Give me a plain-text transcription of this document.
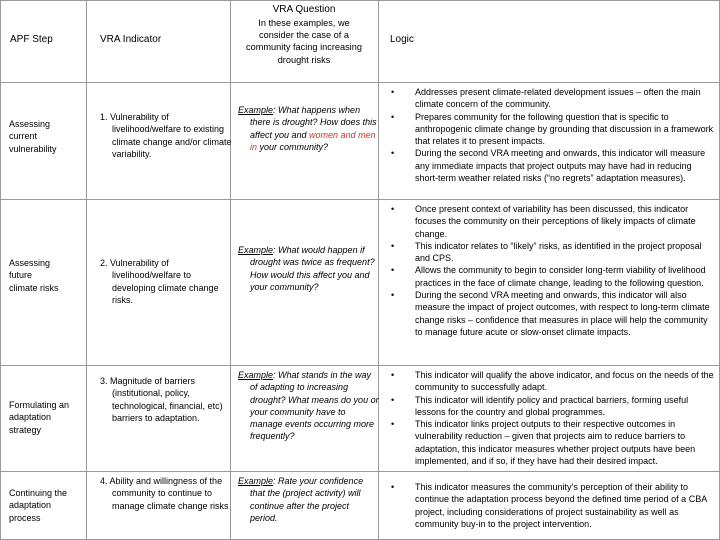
APF Step	VRA Indicator
VRA Question
In these examples, we consider the case of a community facing increasing drought risks
Logic
Assessing current vulnerability
1. Vulnerability of livelihood/welfare to existing climate change and/or climate variability.
Example: What happens when there is drought? How does this affect you and women and men in your community?
• Addresses present climate-related development issues – often the main climate concern of the community.
• Prepares community for the following question that is specific to anthropogenic climate change by grounding that discussion in a framework that relates it to present impacts.
• During the second VRA meeting and onwards, this indicator will measure any immediate impacts that project outputs may have had in reducing short-term weather related risks (“no regrets” adaptation measures).
Assessing future climate risks
2. Vulnerability of livelihood/welfare to developing climate change risks.
Example: What would happen if drought was twice as frequent? How would this affect you and your community?
• Once present context of variability has been discussed, this indicator focuses the community on their perceptions of likely impacts of climate change.
• This indicator relates to “likely” risks, as identified in the project proposal and CPS.
• Allows the community to begin to consider long-term viability of livelihood practices in the face of climate change, leading to the following question.
• During the second VRA meeting and onwards, this indicator will also measure the impact of project outcomes, with respect to long-term climate change risks – confidence that measures in place will help the community to manage future acute or slow-onset climate impacts.
Formulating an adaptation strategy
3. Magnitude of barriers (institutional, policy, technological, financial, etc) barriers to adaptation.
Example: What stands in the way of adapting to increasing drought? What means do you or your community have to manage events occurring more frequently?
• This indicator will qualify the above indicator, and focus on the needs of the community to successfully adapt.
• This indicator will identify policy and practical barriers, forming useful lessons for the country and global programmes.
• This indicator links project outputs to their respective outcomes in vulnerability reduction – given that projects aim to reduce barriers to adaptation, this indicator measures whether project outputs have been implemented, and if so, if they have had their desired impact.
Continuing the adaptation process
4. Ability and willingness of the community to continue to manage climate change risks
Example: Rate your confidence that the (project activity) will continue after the project period.
• This indicator measures the community’s perception of their ability to continue the adaptation process beyond the defined time period of a CBA project, including considerations of project sustainability as well as community buy-in to the project intervention.
